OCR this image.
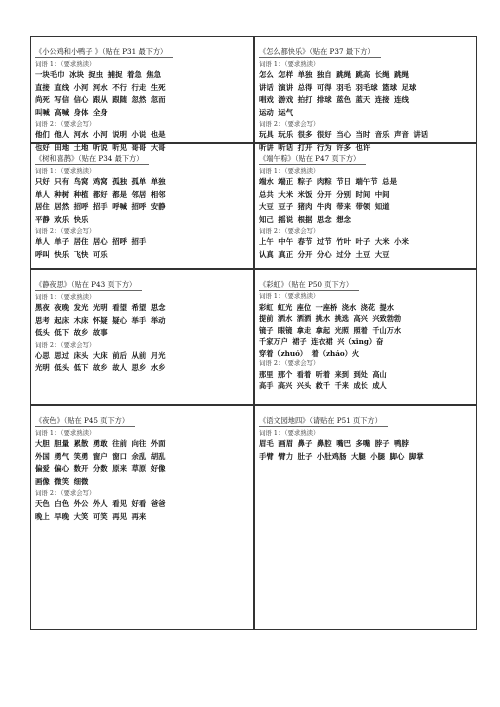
《小公鸡和小鸭子 》（贴在 P31 最下方）
词语 1：（要求熟读）
一块毛巾 冰块 捉虫 捕捉 着急 焦急
直接 直线 小河 河水 不行 行走 生死
尚死 写信 信心 跟从 跟随 忽然 忽而
叫喊 高喊 身体 全身
词语 2：（要求会写）
他们 他人 河水 小河 说明 小说 也是
也好 田地 土地 听说 听见 哥哥 大哥
《怎么都快乐》（贴在 P37 最下方）
词语 1：（要求熟读）
怎么 怎样 单独 独自 跳绳 跳高 长绳 跳绳
讲话 演讲 总得 可得 羽毛 羽毛球 篮球 足球
唱戏 游戏 拍打 排球 蓝色 蓝天 连接 连线
运动 运气
词语 2：（要求会写）
玩具 玩乐 很多 很好 当心 当时 音乐 声音 讲话
听讲 听话 打开 行为 许多 也许
《树和喜鹊》（贴在 P34 最下方）
词语 1：（要求熟读）
只好 只有 鸟窝 鸡窝 孤独 孤单 单独
单人 种树 种植 都好 都是 邻居 相邻
居住 居然 招呼 招手 呼喊 招呼 安静
平静 欢乐 快乐
词语 2：（要求会写）
单人 单子 居住 居心 招呼 招手
呼叫 快乐 飞快 可乐
《端午粽》（贴在 P47 页下方）
词语 1：（要求熟读）
端水 端正 粽子 肉粽 节日 端午节 总是
总共 大米 米饭 分开 分别 时间 中间
大豆 豆子 猪肉 牛肉 带来 带领 知道
知己 摇说 根据 思念 想念
词语 2：（要求会写）
上午 中午 春节 过节 竹叶 叶子 大米 小米
认真 真正 分开 分心 过分 土豆 大豆
《静夜思》（贴在 P43 页下方）
词语 1：（要求熟读）
黑夜 夜晚 发光 光明 看望 希望 思念
思考 起床 木床 怀疑 疑心 举手 举动
低头 低下 故乡 故事
词语 2：（要求会写）
心思 思过 床头 大床 前后 从前 月光
光明 低头 低下 故乡 故人 思乡 水乡
《彩虹》（贴在 P50 页下方）
词语 1：（要求熟读）
彩虹 虹光 座位 一座桥 浇水 浇花 提水
提前 洒水 洒洒 挑水 挑选 高兴 兴致勃勃
镜子 眼镜 拿走 拿起 光照 照着 千山万水
千家万户 裙子 连衣裙 兴（xīng）奋
穿着（zhuó） 着（zháo）火
词语 2：（要求会写）
那里 那个 看着 听着 来到 到处 高山
高手 高兴 兴头 救千 千来 成长 成人
《夜色》（贴在 P45 页下方）
词语 1：（要求熟读）
大胆 胆量 累散 勇敢 往前 向往 外面
外国 勇气 笑勇 窗户 窗口 余乱 胡乱
偏爱 偏心 数开 分数 原来 草原 好像
画像 微笑 细微
词语 2：（要求会写）
天色 白色 外公 外人 看见 好看 爸爸
晚上 早晚 大笑 可笑 再见 再来
《语文园地四》（请贴在 P51 页下方）
词语 1：（要求熟读）
眉毛 画眉 鼻子 鼻腔 嘴巴 多嘴 脖子 鸭脖
手臂 臂力 肚子 小肚鸡肠 大腿 小腿 脚心 脚掌
